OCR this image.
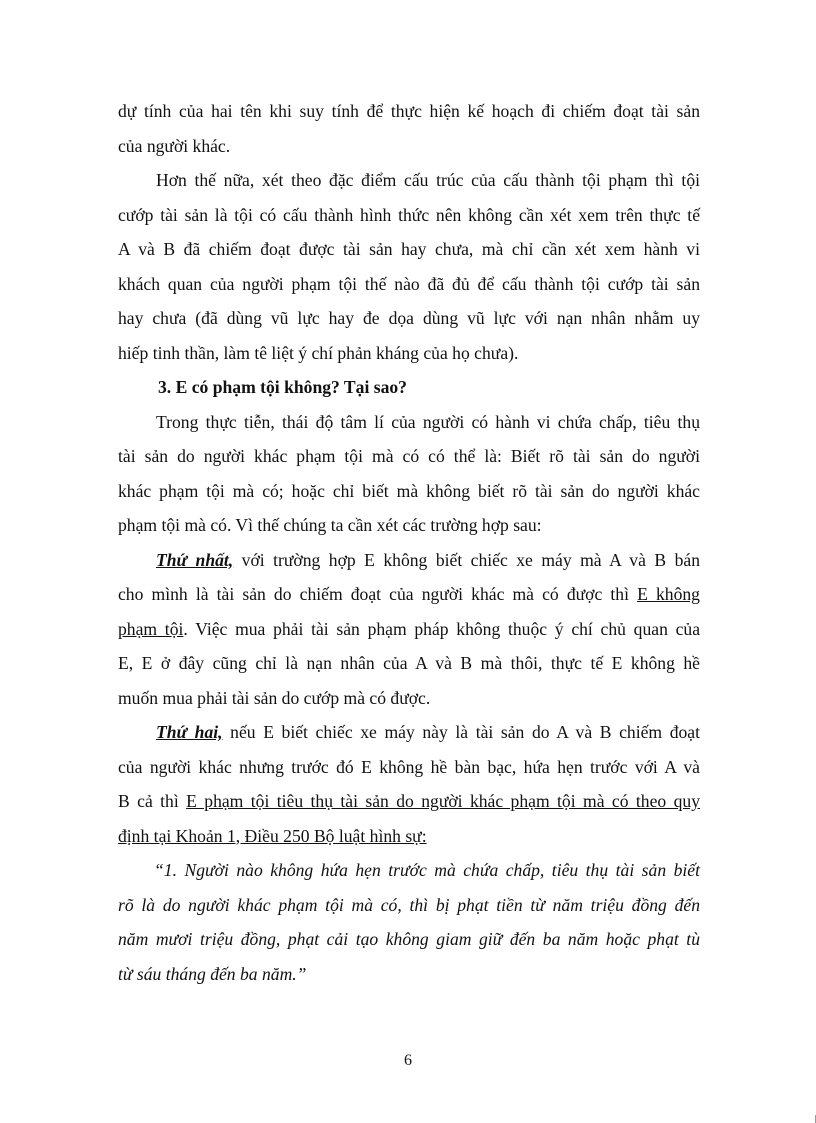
dự tính của hai tên khi suy tính để thực hiện kế hoạch đi chiếm đoạt tài sản
của người khác.
Hơn thế nữa, xét theo đặc điểm cấu trúc của cấu thành tội phạm thì tội
cướp tài sản là tội có cấu thành hình thức nên không cần xét xem trên thực tế
A và B đã chiếm đoạt được tài sản hay chưa, mà chỉ cần xét xem hành vi
khách quan của người phạm tội thế nào đã đủ để cấu thành tội cướp tài sản
hay chưa (đã dùng vũ lực hay đe dọa dùng vũ lực với nạn nhân nhằm uy
hiếp tinh thần, làm tê liệt ý chí phản kháng của họ chưa).
3. E có phạm tội không? Tại sao?
Trong thực tiễn, thái độ tâm lí của người có hành vi chứa chấp, tiêu thụ
tài sản do người khác phạm tội mà có có thể là: Biết rõ tài sản do người
khác phạm tội mà có; hoặc chỉ biết mà không biết rõ tài sản do người khác
phạm tội mà có. Vì thế chúng ta cần xét các trường hợp sau:
Thứ nhất, với trường hợp E không biết chiếc xe máy mà A và B bán
cho mình là tài sản do chiếm đoạt của người khác mà có được thì E không
phạm tội. Việc mua phải tài sản phạm pháp không thuộc ý chí chủ quan của
E, E ở đây cũng chỉ là nạn nhân của A và B mà thôi, thực tế E không hề
muốn mua phải tài sản do cướp mà có được.
Thứ hai, nếu E biết chiếc xe máy này là tài sản do A và B chiếm đoạt
của người khác nhưng trước đó E không hề bàn bạc, hứa hẹn trước với A và
B cả thì E phạm tội tiêu thụ tài sản do người khác phạm tội mà có theo quy
định tại Khoản 1, Điều 250 Bộ luật hình sự:
“1. Người nào không hứa hẹn trước mà chứa chấp, tiêu thụ tài sản biết
rõ là do người khác phạm tội mà có, thì bị phạt tiền từ năm triệu đồng đến
năm mươi triệu đồng, phạt cải tạo không giam giữ đến ba năm hoặc phạt tù
từ sáu tháng đến ba năm.”
6
